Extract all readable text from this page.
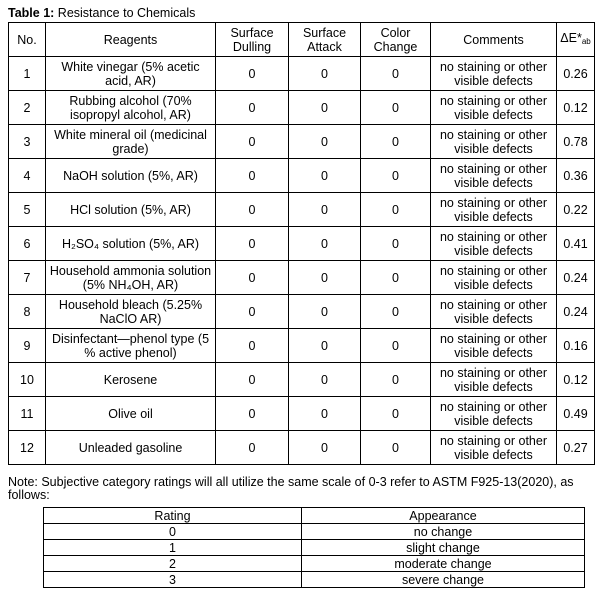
Table 1: Resistance to Chemicals
No.	Reagents	Surface Dulling	Surface Attack	Color Change	Comments	$\Delta E*_{ab}$
1	White vinegar (5% acetic acid, AR)	0	0	0	no staining or other visible defects	0.26
2	Rubbing alcohol (70% isopropyl alcohol, AR)	0	0	0	no staining or other visible defects	0.12
3	White mineral oil (medicinal grade)	0	0	0	no staining or other visible defects	0.78
4	NaOH solution (5%, AR)	0	0	0	no staining or other visible defects	0.36
5	HCl solution (5%, AR)	0	0	0	no staining or other visible defects	0.22
6	H₂SO₄ solution (5%, AR)	0	0	0	no staining or other visible defects	0.41
7	Household ammonia solution (5% NH₄OH, AR)	0	0	0	no staining or other visible defects	0.24
8	Household bleach (5.25% NaClO AR)	0	0	0	no staining or other visible defects	0.24
9	Disinfectant—phenol type (5 % active phenol)	0	0	0	no staining or other visible defects	0.16
10	Kerosene	0	0	0	no staining or other visible defects	0.12
11	Olive oil	0	0	0	no staining or other visible defects	0.49
12	Unleaded gasoline	0	0	0	no staining or other visible defects	0.27
Note: Subjective category ratings will all utilize the same scale of 0-3 refer to ASTM F925-13(2020), as follows:
Rating	Appearance
0	no change
1	slight change
2	moderate change
3	severe change
